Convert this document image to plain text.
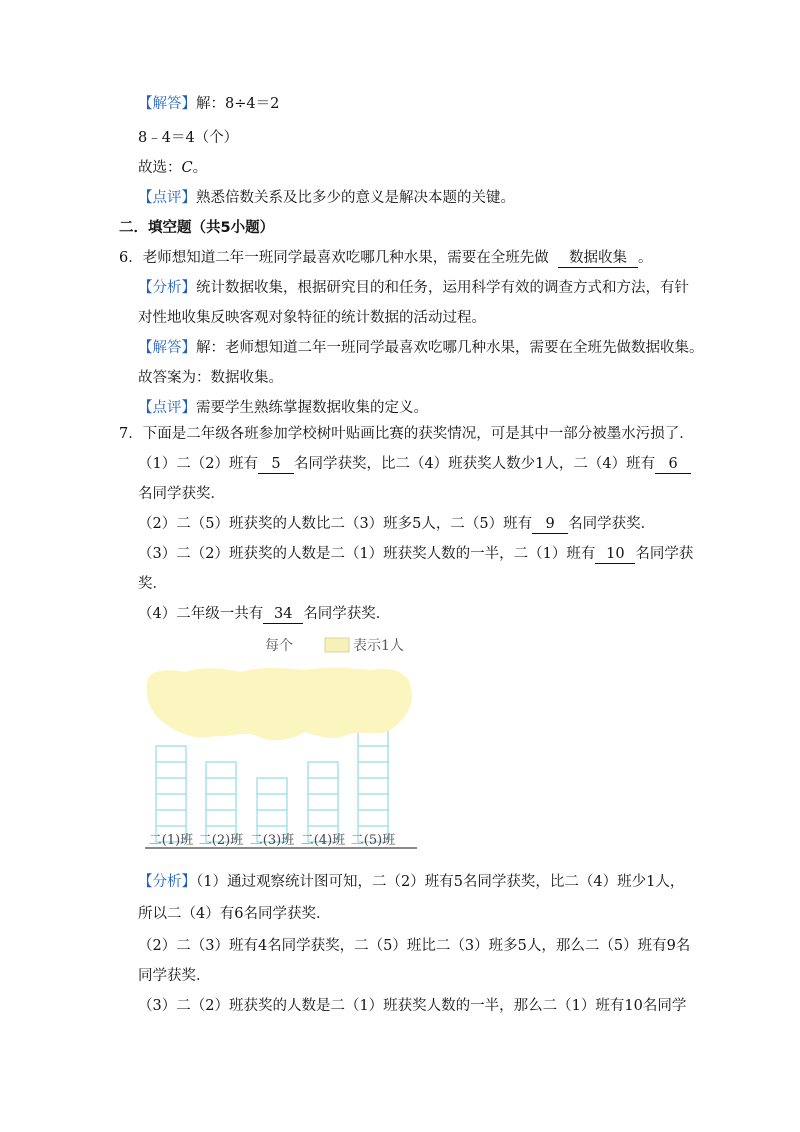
【解答】解：8÷4＝2
8﹣4＝4（个）
故选：C。
【点评】熟悉倍数关系及比多少的意义是解决本题的关键。
二．填空题（共5小题）
6．老师想知道二年一班同学最喜欢吃哪几种水果，需要在全班先做 数据收集 。
【分析】统计数据收集，根据研究目的和任务，运用科学有效的调查方式和方法，有针
对性地收集反映客观对象特征的统计数据的活动过程。
【解答】解：老师想知道二年一班同学最喜欢吃哪几种水果，需要在全班先做数据收集。
故答案为：数据收集。
【点评】需要学生熟练掌握数据收集的定义。
7．下面是二年级各班参加学校树叶贴画比赛的获奖情况，可是其中一部分被墨水污损了．
（1）二（2）班有 5 名同学获奖，比二（4）班获奖人数少1人，二（4）班有 6
名同学获奖．
（2）二（5）班获奖的人数比二（3）班多5人，二（5）班有 9 名同学获奖．
（3）二（2）班获奖的人数是二（1）班获奖人数的一半，二（1）班有 10 名同学获
奖．
（4）二年级一共有 34 名同学获奖．
每个	表示1人
二(1)班 二(2)班 二(3)班 二(4)班 二(5)班
【分析】（1）通过观察统计图可知，二（2）班有5名同学获奖，比二（4）班少1人，
所以二（4）有6名同学获奖．
（2）二（3）班有4名同学获奖，二（5）班比二（3）班多5人，那么二（5）班有9名
同学获奖．
（3）二（2）班获奖的人数是二（1）班获奖人数的一半，那么二（1）班有10名同学
